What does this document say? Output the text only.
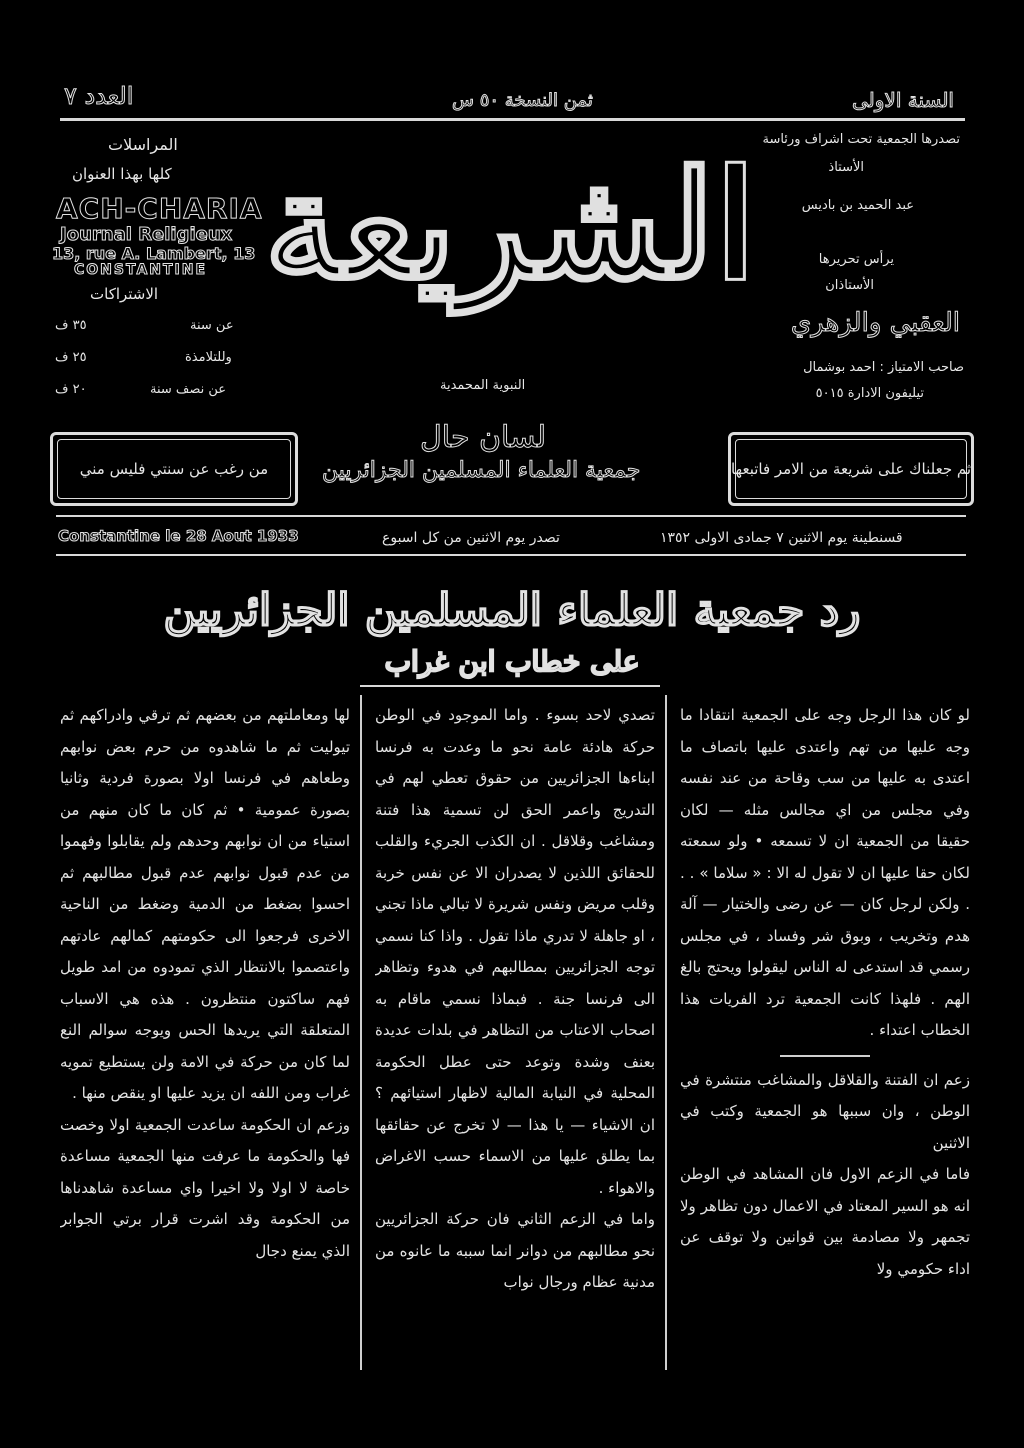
السنة الاولى
ثمن النسخة ٥٠ س
العدد ٧
تصدرها الجمعية تحت اشراف ورئاسة
الأستاذ
عبد الحميد بن باديس
يرأس تحريرها
الأستاذان
العقبي والزهري
صاحب الامتياز : احمد بوشمال
تيليفون الادارة ٥٠١٥
الشريعة
النبوية المحمدية
المراسلات
كلها بهذا العنوان
ACH-CHARIA
Journal Religieux
13, rue A. Lambert, 13
CONSTANTINE
الاشتراكات
عن سنة
٣٥ ف
وللتلامذة
٢٥ ف
عن نصف سنة
٢٠ ف
من رغب عن سنتي فليس مني	ثم جعلناك على شريعة من الامر فاتبعها
لسان حال
جمعية العلماء المسلمين الجزائريين
Constantine le 28 Aout 1933	تصدر يوم الاثنين من كل اسبوع	قسنطينة يوم الاثنين ٧ جمادى الاولى ١٣٥٢
رد جمعية العلماء المسلمين الجزائريين
على خطاب ابن غراب

لو كان هذا الرجل وجه على الجمعية انتقادا ما وجه عليها من تهم واعتدى عليها باتصاف ما اعتدى به عليها من سب وقاحة من عند نفسه وفي مجلس من اي مجالس مثله — لكان حقيقا من الجمعية ان لا تسمعه • ولو سمعته لكان حقا عليها ان لا تقول له الا : « سلاما » . . . ولكن لرجل كان — عن رضى والختيار — آلة هدم وتخريب ، وبوق شر وفساد ، في مجلس رسمي قد استدعى له الناس ليقولوا ويحتج بالغ الهم . فلهذا كانت الجمعية ترد الفريات هذا الخطاب اعتداء .

زعم ان الفتنة والقلاقل والمشاغب منتشرة في الوطن ، وان سببها هو الجمعية وكتب في الاثنين

فاما في الزعم الاول فان المشاهد في الوطن انه هو السير المعتاد في الاعمال دون تظاهر ولا تجمهر ولا مصادمة بين قوانين ولا توقف عن اداء حكومي ولا

تصدي لاحد بسوء . واما الموجود في الوطن حركة هادئة عامة نحو ما وعدت به فرنسا ابناءها الجزائريين من حقوق تعطي لهم في التدريج واعمر الحق لن تسمية هذا فتنة ومشاغب وقلاقل . ان الكذب الجريء والقلب للحقائق اللذين لا يصدران الا عن نفس خربة وقلب مريض ونفس شريرة لا تبالي ماذا تجني ، او جاهلة لا تدري ماذا تقول . واذا كنا نسمي توجه الجزائريين بمطالبهم في هدوء وتظاهر الى فرنسا جنة . فبماذا نسمي ماقام به اصحاب الاعتاب من التظاهر في بلدات عديدة بعنف وشدة وتوعد حتى عطل الحكومة المحلية في النيابة المالية لاظهار استيائهم ؟ ان الاشياء — يا هذا — لا تخرج عن حقائقها بما يطلق عليها من الاسماء حسب الاغراض والاهواء .

واما في الزعم الثاني فان حركة الجزائريين نحو مطالبهم من دوانر انما سببه ما عانوه من مدنية عظام ورجال نواب

لها ومعاملتهم من بعضهم ثم ترقي وادراكهم ثم تيوليت ثم ما شاهدوه من حرم بعض نوابهم وطعاهم في فرنسا اولا بصورة فردية وثانيا بصورة عمومية • ثم كان ما كان منهم من استياء من ان نوابهم وحدهم ولم يقابلوا وفهموا من عدم قبول نوابهم عدم قبول مطالبهم ثم احسوا بضغط من الدمية وضغط من الناحية الاخرى فرجعوا الى حكومتهم كمالهم عادتهم واعتصموا بالانتظار الذي تمودوه من امد طويل فهم ساكتون منتظرون . هذه هي الاسباب المتعلقة التي يريدها الحس ويوجه سوالم النع لما كان من حركة في الامة ولن يستطيع تمويه غراب ومن اللفه ان يزيد عليها او ينقص منها .

وزعم ان الحكومة ساعدت الجمعية اولا وخصت فها والحكومة ما عرفت منها الجمعية مساعدة خاصة لا اولا ولا اخيرا واي مساعدة شاهدناها من الحكومة وقد اشرت قرار برتي الجوابر الذي يمنع دجال
